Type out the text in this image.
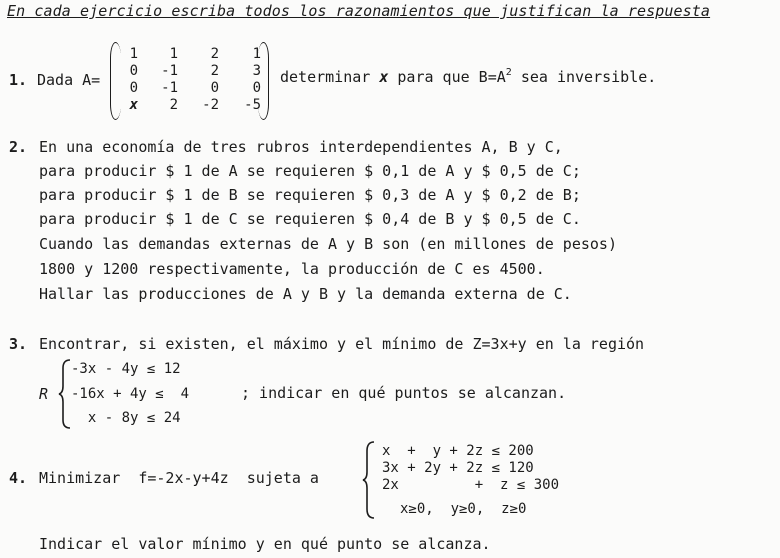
En cada ejercicio escriba todos los razonamientos que justifican la respuesta
1. Dada A=
1	1	2	1
0	-1	2	3
0	-1	0	0
x	2	-2	-5
determinar x para que $B=A^2$ sea inversible.
2. En una economía de tres rubros interdependientes A, B y C,
para producir $ 1 de A se requieren $ 0,1 de A y $ 0,5 de C;
para producir $ 1 de B se requieren $ 0,3 de A y $ 0,2 de B;
para producir $ 1 de C se requieren $ 0,4 de B y $ 0,5 de C.
Cuando las demandas externas de A y B son (en millones de pesos)
1800 y 1200 respectivamente, la producción de C es 4500.
Hallar las producciones de A y B y la demanda externa de C.
3. Encontrar, si existen, el máximo y el mínimo de Z=3x+y en la región
R
-3x - 4y ≤ 12
-16x + 4y ≤  4
x - 8y ≤ 24
; indicar en qué puntos se alcanzan.
4. Minimizar  f=-2x-y+4z  sujeta a
x  +  y + 2z ≤ 200
3x + 2y + 2z ≤ 120
2x         +  z ≤ 300
x≥0,  y≥0,  z≥0
Indicar el valor mínimo y en qué punto se alcanza.
